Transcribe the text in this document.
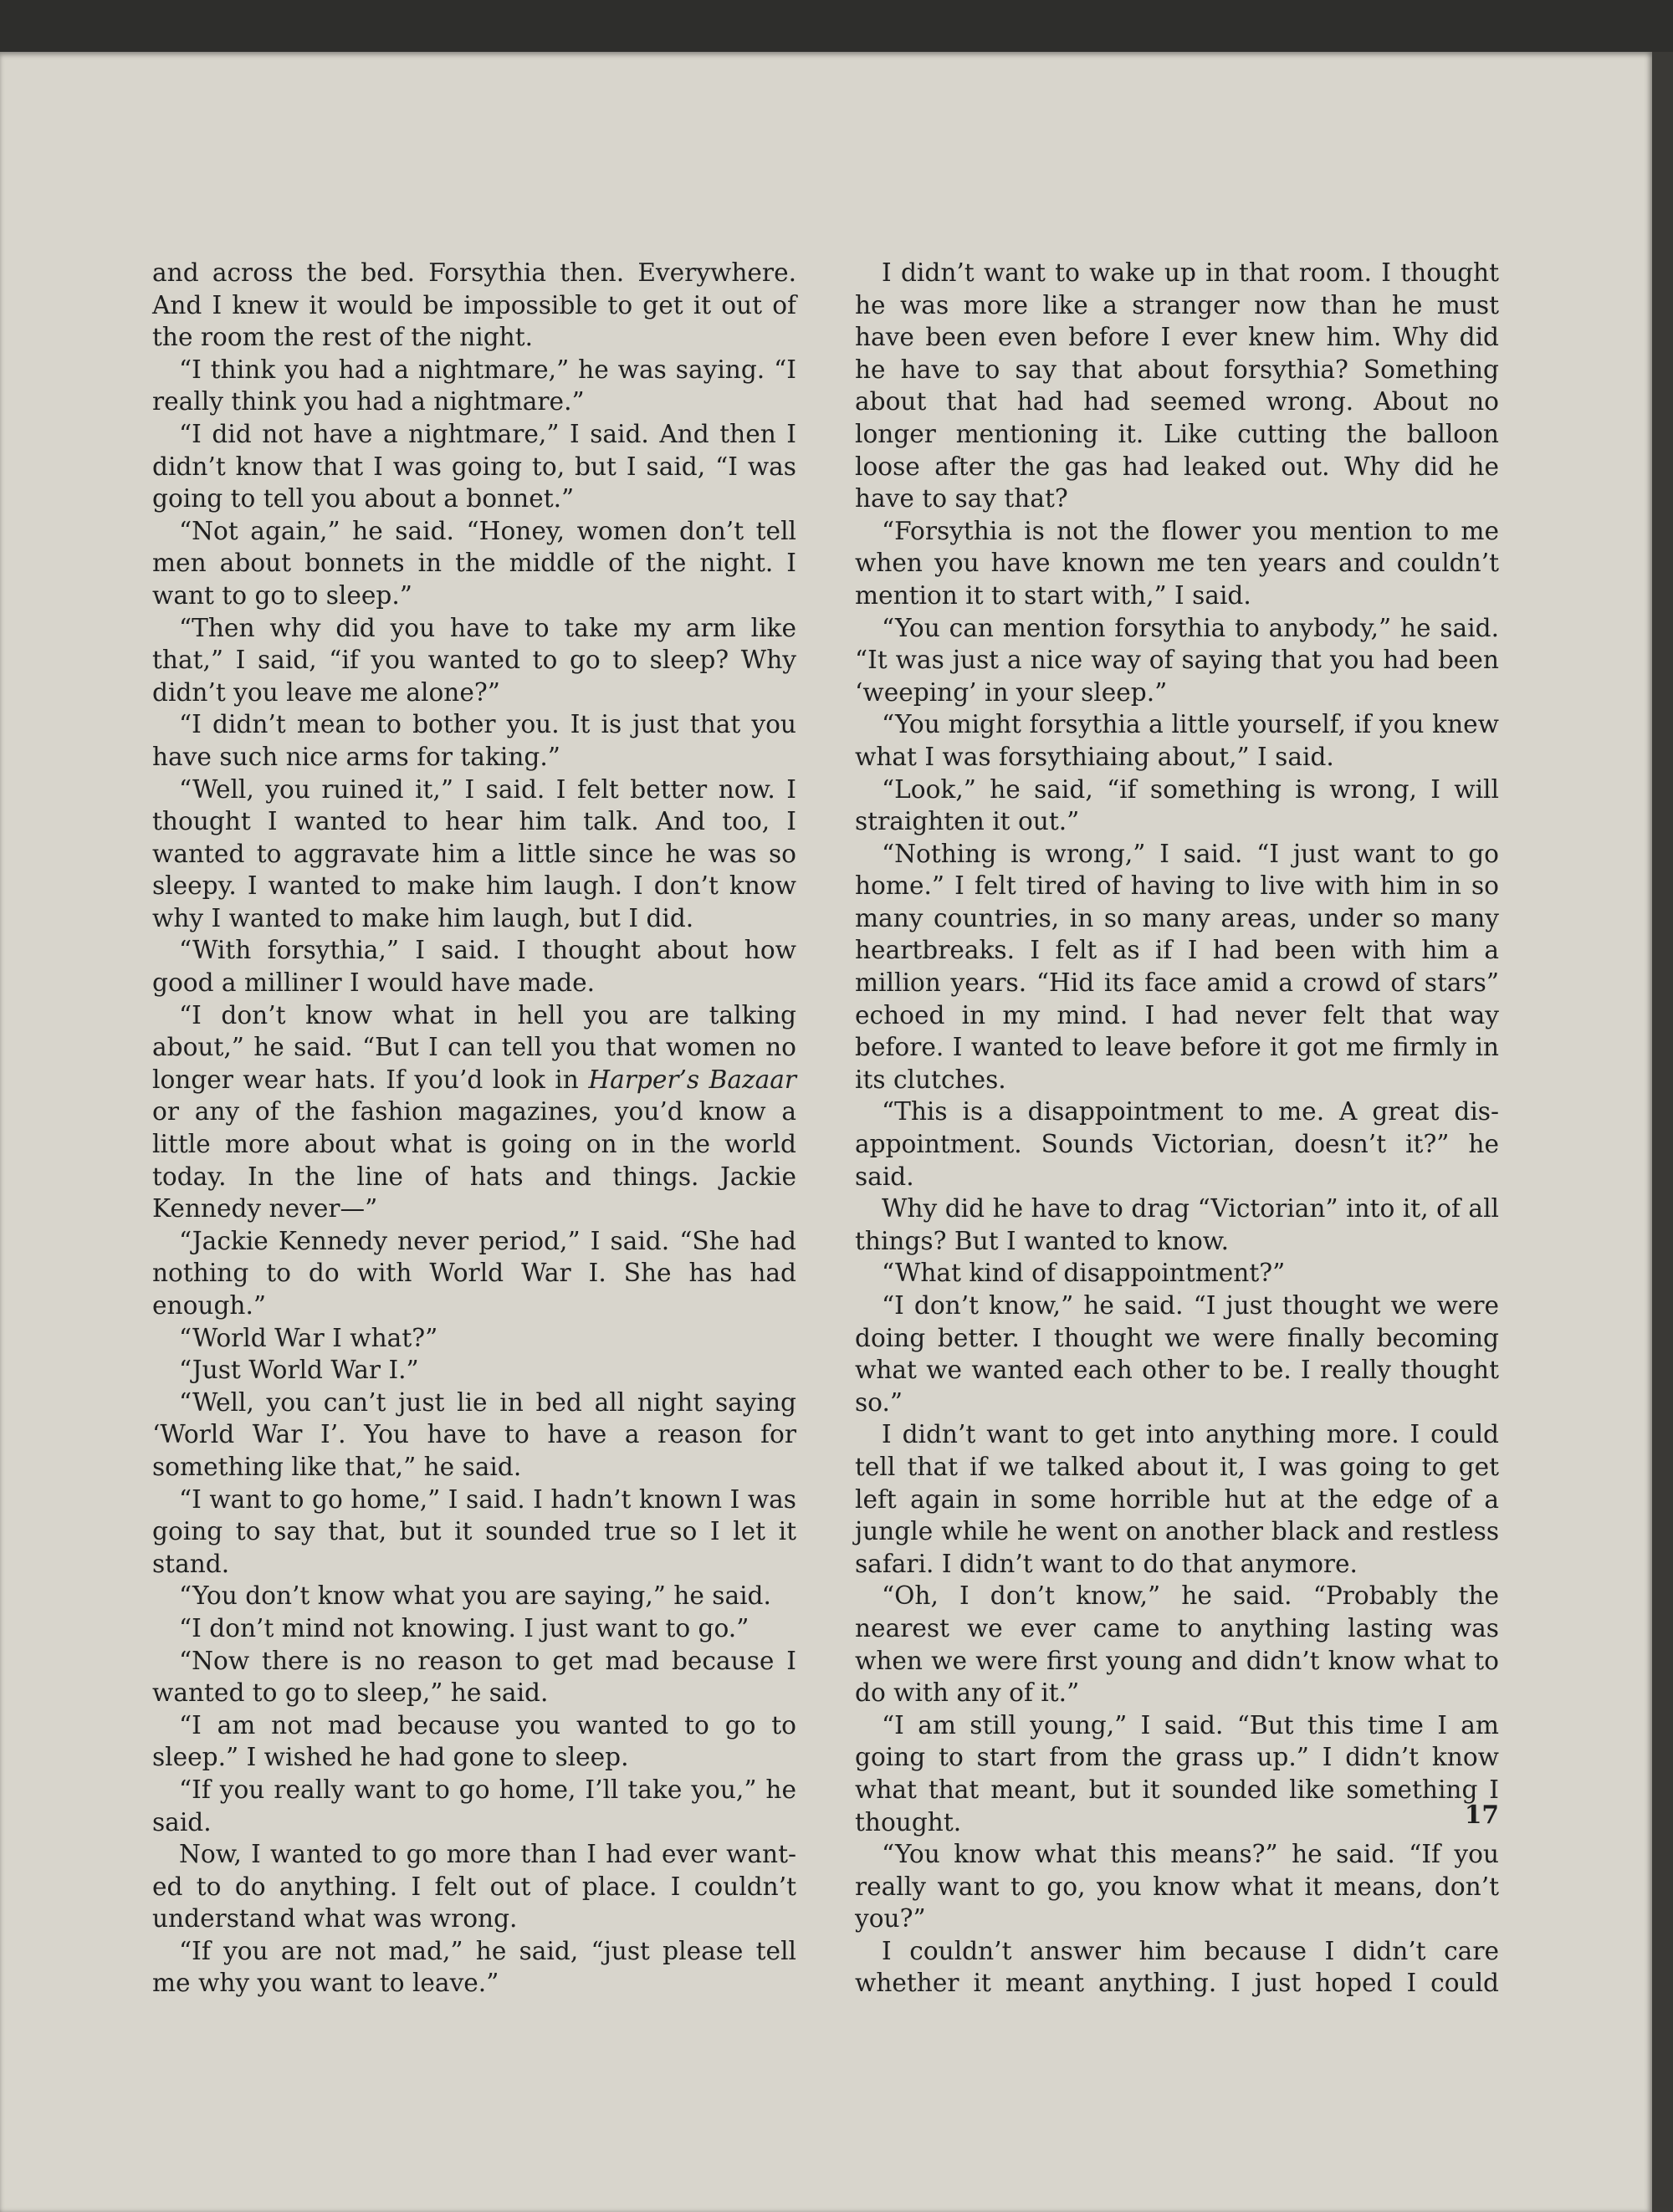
and across the bed. Forsythia then. Everywhere. And I knew it would be impossible to get it out of the room the rest of the night.

“I think you had a nightmare,” he was saying. “I really think you had a nightmare.”

“I did not have a nightmare,” I said. And then I didn’t know that I was going to, but I said, “I was going to tell you about a bonnet.”

“Not again,” he said. “Honey, women don’t tell men about bonnets in the middle of the night. I want to go to sleep.”

“Then why did you have to take my arm like that,” I said, “if you wanted to go to sleep? Why didn’t you leave me alone?”

“I didn’t mean to bother you. It is just that you have such nice arms for taking.”

“Well, you ruined it,” I said. I felt better now. I thought I wanted to hear him talk. And too, I wanted to aggravate him a little since he was so sleepy. I wanted to make him laugh. I don’t know why I wanted to make him laugh, but I did.

“With forsythia,” I said. I thought about how good a milliner I would have made.

“I don’t know what in hell you are talking about,” he said. “But I can tell you that women no longer wear hats. If you’d look in Harper’s Bazaar or any of the fashion magazines, you’d know a little more about what is going on in the world today. In the line of hats and things. Jackie Kennedy never—”

“Jackie Kennedy never period,” I said. “She had nothing to do with World War I. She has had enough.”

“World War I what?”

“Just World War I.”

“Well, you can’t just lie in bed all night saying ‘World War I’. You have to have a reason for something like that,” he said.

“I want to go home,” I said. I hadn’t known I was going to say that, but it sounded true so I let it stand.

“You don’t know what you are saying,” he said.

“I don’t mind not knowing. I just want to go.”

“Now there is no reason to get mad because I wanted to go to sleep,” he said.

“I am not mad because you wanted to go to sleep.” I wished he had gone to sleep.

“If you really want to go home, I’ll take you,” he said.

Now, I wanted to go more than I had ever want-ed to do anything. I felt out of place. I couldn’t understand what was wrong.

“If you are not mad,” he said, “just please tell me why you want to leave.”

I didn’t want to wake up in that room. I thought he was more like a stranger now than he must have been even before I ever knew him. Why did he have to say that about forsythia? Something about that had had seemed wrong. About no longer mentioning it. Like cutting the balloon loose after the gas had leaked out. Why did he have to say that?

“Forsythia is not the flower you mention to me when you have known me ten years and couldn’t mention it to start with,” I said.

“You can mention forsythia to anybody,” he said. “It was just a nice way of saying that you had been ‘weeping’ in your sleep.”

“You might forsythia a little yourself, if you knew what I was forsythiaing about,” I said.

“Look,” he said, “if something is wrong, I will straighten it out.”

“Nothing is wrong,” I said. “I just want to go home.” I felt tired of having to live with him in so many countries, in so many areas, under so many heartbreaks. I felt as if I had been with him a million years. “Hid its face amid a crowd of stars” echoed in my mind. I had never felt that way before. I wanted to leave before it got me firmly in its clutches.

“This is a disappointment to me. A great dis-appointment. Sounds Victorian, doesn’t it?” he said.

Why did he have to drag “Victorian” into it, of all things? But I wanted to know.

“What kind of disappointment?”

“I don’t know,” he said. “I just thought we were doing better. I thought we were finally becoming what we wanted each other to be. I really thought so.”

I didn’t want to get into anything more. I could tell that if we talked about it, I was going to get left again in some horrible hut at the edge of a jungle while he went on another black and restless safari. I didn’t want to do that anymore.

“Oh, I don’t know,” he said. “Probably the nearest we ever came to anything lasting was when we were first young and didn’t know what to do with any of it.”

“I am still young,” I said. “But this time I am going to start from the grass up.” I didn’t know what that meant, but it sounded like something I thought.

“You know what this means?” he said. “If you really want to go, you know what it means, don’t you?”

I couldn’t answer him because I didn’t care whether it meant anything. I just hoped I could

17
